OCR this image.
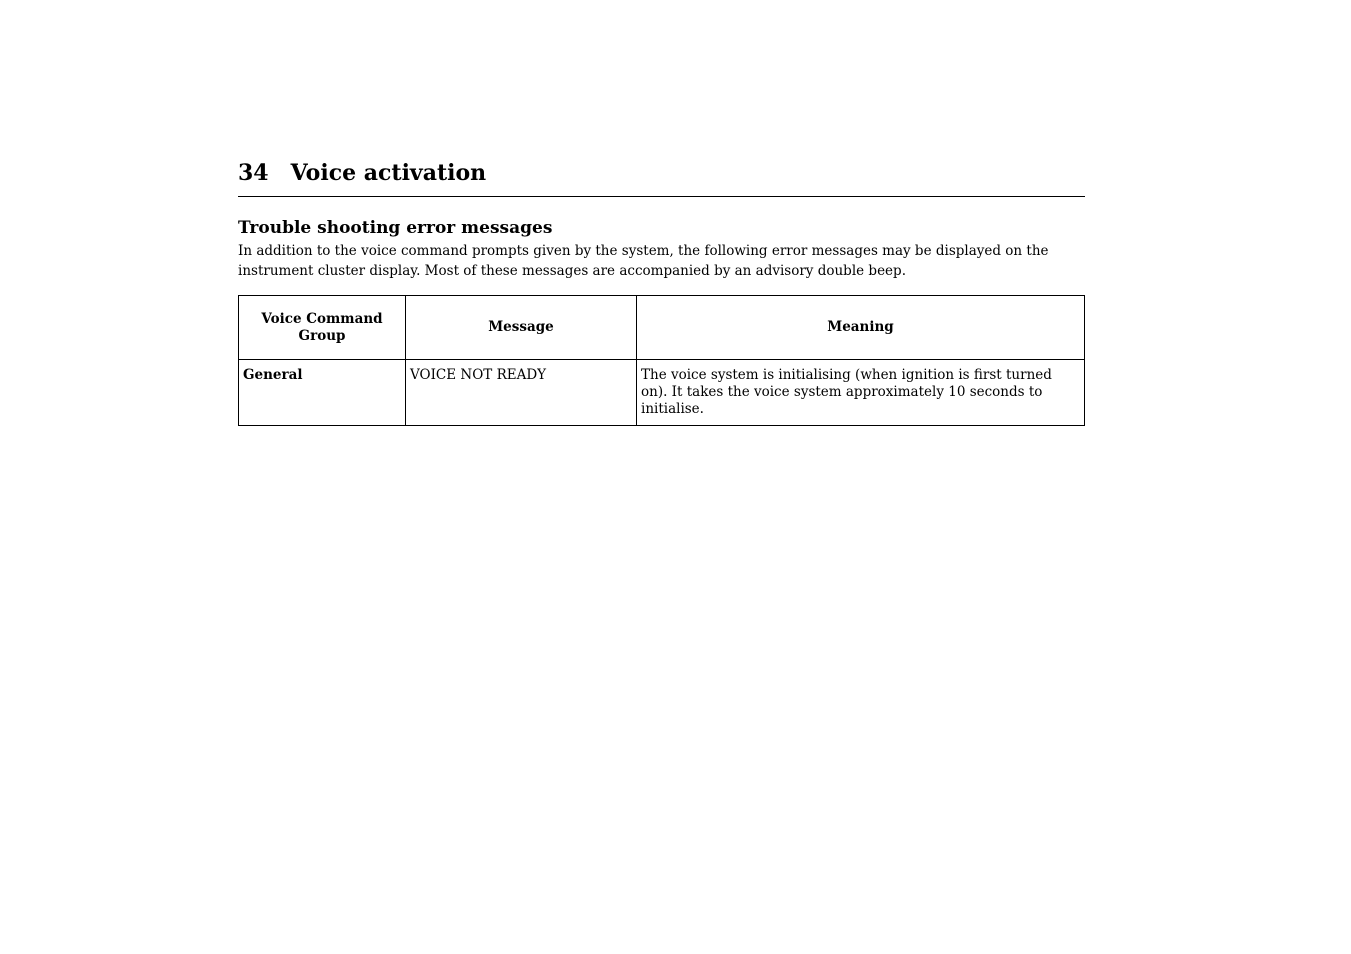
34 Voice activation
Trouble shooting error messages
In addition to the voice command prompts given by the system, the following error messages may be displayed on the instrument cluster display. Most of these messages are accompanied by an advisory double beep.
Voice Command Group	Message	Meaning
General	VOICE NOT READY	The voice system is initialising (when ignition is first turned on). It takes the voice system approximately 10 seconds to initialise.
